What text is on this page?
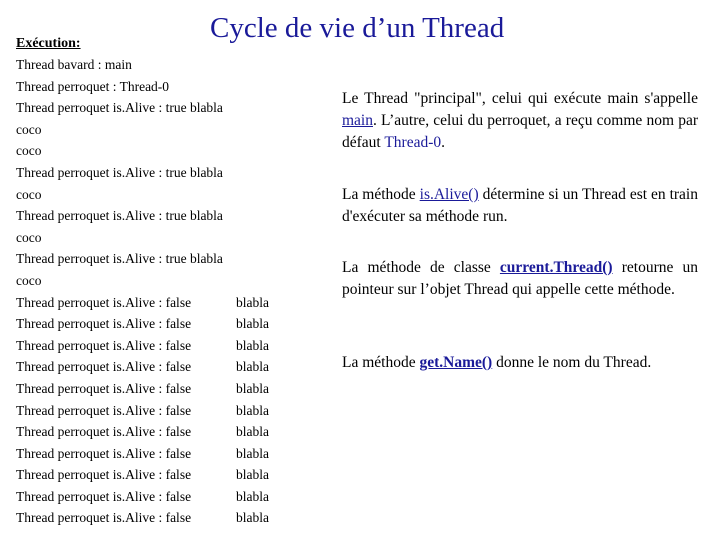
Cycle de vie d’un Thread
Exécution:
Thread bavard : main
Thread perroquet : Thread-0
Thread perroquet is.Alive : true blabla
coco
coco
Thread perroquet is.Alive : true blabla
coco
Thread perroquet is.Alive : true blabla
coco
Thread perroquet is.Alive : true blabla
coco
Thread perroquet is.Alive : false	blabla
Thread perroquet is.Alive : false	blabla
Thread perroquet is.Alive : false	blabla
Thread perroquet is.Alive : false	blabla
Thread perroquet is.Alive : false	blabla
Thread perroquet is.Alive : false	blabla
Thread perroquet is.Alive : false	blabla
Thread perroquet is.Alive : false	blabla
Thread perroquet is.Alive : false	blabla
Thread perroquet is.Alive : false	blabla
Thread perroquet is.Alive : false	blabla
Le Thread "principal", celui qui exécute main s'appelle main. L’autre, celui du perroquet, a reçu comme nom par défaut Thread-0.
La méthode is.Alive() détermine si un Thread est en train d'exécuter sa méthode run.
La méthode de classe current.Thread() retourne un pointeur sur l’objet Thread qui appelle cette méthode.
La méthode get.Name() donne le nom du Thread.
